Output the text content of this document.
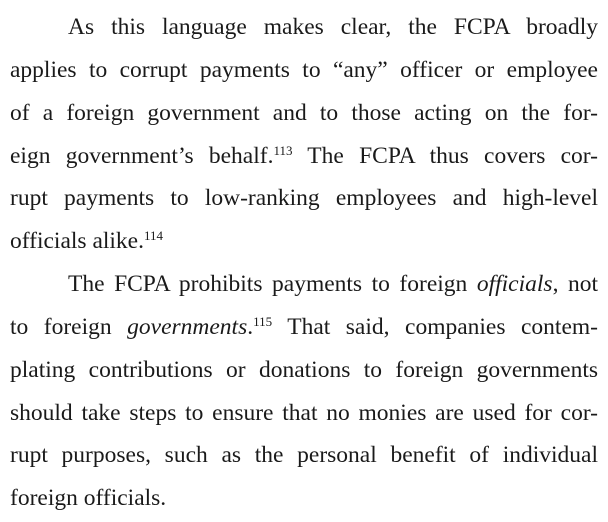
As this language makes clear, the FCPA broadly
applies to corrupt payments to “any” officer or employee
of a foreign government and to those acting on the for-
eign government’s behalf.$^{113}$ The FCPA thus covers cor-
rupt payments to low-ranking employees and high-level
officials alike.$^{114}$
The FCPA prohibits payments to foreign officials, not
to foreign governments.$^{115}$ That said, companies contem-
plating contributions or donations to foreign governments
should take steps to ensure that no monies are used for cor-
rupt purposes, such as the personal benefit of individual
foreign officials.
